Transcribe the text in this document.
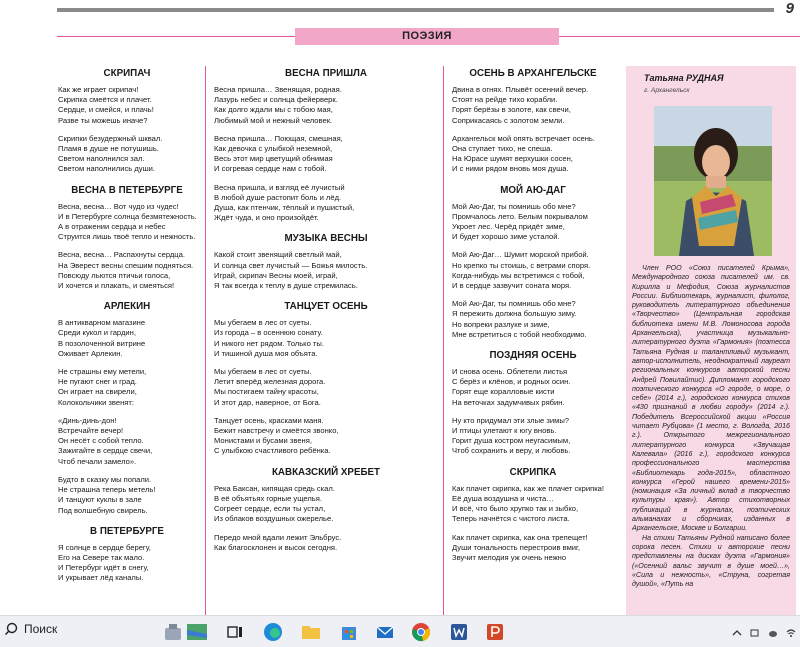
9
ПОЭЗИЯ
СКРИПАЧ
Как же играет скрипач!
Скрипка смеётся и плачет.
Сердце, и смейся, и плачь!
Разве ты можешь иначе?
Скрипки безудержный шквал.
Пламя в душе не потушишь.
Светом наполнился зал.
Светом наполнились души.
ВЕСНА В ПЕТЕРБУРГЕ
Весна, весна… Вот чудо из чудес!
И в Петербурге солнца безмятежность.
А в отражении сердца и небес
Струится лишь твоё тепло и нежность.
Весна, весна… Распахнуты сердца.
На Эверест весны спешим подняться.
Повсюду льются птичьи голоса,
И хочется и плакать, и смеяться!
АРЛЕКИН
В антикварном магазине
Среди кукол и гардин,
В позолоченной витрине
Оживает Арлекин.
Не страшны ему метели,
Не пугают снег и град.
Он играет на свирели,
Колокольчики звенят:
«Динь-динь-дон!
Встречайте вечер!
Он несёт с собой тепло.
Зажигайте в сердце свечи,
Чтоб печали замело».
Будто в сказку мы попали.
Не страшна теперь метель!
И танцуют куклы в зале
Под волшебную свирель.
В ПЕТЕРБУРГЕ
Я солнце в сердце берегу,
Его на Севере так мало.
И Петербург идёт в снегу,
И укрывает лёд каналы.
ВЕСНА ПРИШЛА
Весна пришла… Звенящая, родная.
Лазурь небес и солнца фейерверк.
Как долго ждали мы с тобою мая,
Любимый мой и нежный человек.
Весна пришла… Поющая, смешная,
Как девочка с улыбкой неземной,
Весь этот мир цветущий обнимая
И согревая сердце нам с тобой.
Весна пришла, и взгляд её лучистый
В любой душе растопит боль и лёд.
Душа, как птенчик, тёплый и пушистый,
Ждёт чуда, и оно произойдёт.
МУЗЫКА ВЕСНЫ
Какой стоит звенящий светлый май,
И солнца свет лучистый — Божья милость.
Играй, скрипач Весны моей, играй,
Я так всегда к теплу в душе стремилась.
ТАНЦУЕТ ОСЕНЬ
Мы убегаем в лес от суеты.
Из города – в осеннюю сонату.
И никого нет рядом. Только ты.
И тишиной душа моя объята.
Мы убегаем в лес от суеты.
Летит вперёд железная дорога.
Мы постигаем тайну красоты,
И этот дар, наверное, от Бога.
Танцует осень, красками маня.
Бежит навстречу и смеётся звонко,
Монистами и бусами звеня,
С улыбкою счастливого ребёнка.
КАВКАЗСКИЙ ХРЕБЕТ
Река Баксан, кипящая средь скал.
В её объятьях горные ущелья.
Согреет сердце, если ты устал,
Из облаков воздушных ожерелье.
Передо мной вдали лежит Эльбрус.
Как благосклонен и высок сегодня.
ОСЕНЬ В АРХАНГЕЛЬСКЕ
Двина в огнях. Плывёт осенний вечер.
Стоят на рейде тихо корабли.
Горят берёзы в золоте, как свечи,
Соприкасаясь с золотом земли.
Архангельск мой опять встречает осень.
Она ступает тихо, не спеша.
На Юрасе шумят верхушки сосен,
И с ними рядом вновь моя душа.
МОЙ АЮ-ДАГ
Мой Аю-Даг, ты помнишь обо мне?
Промчалось лето. Белым покрывалом
Укроет лес. Черёд придёт зиме,
И будет хорошо зиме усталой.
Мой Аю-Даг… Шумит морской прибой.
Но крепко ты стоишь, с ветрами споря.
Когда-нибудь мы встретимся с тобой,
И в сердце зазвучит соната моря.
Мой Аю-Даг, ты помнишь обо мне?
Я пережить должна большую зиму.
Но вопреки разлуке и зиме,
Мне встретиться с тобой необходимо.
ПОЗДНЯЯ ОСЕНЬ
И снова осень. Облетели листья
С берёз и клёнов, и родных осин.
Горят еще коралловые кисти
На веточках задумчивых рябин.
Ну кто придумал эти злые зимы?
И птицы улетают к югу вновь.
Горит душа костром неугасимым,
Чтоб сохранить и веру, и любовь.
СКРИПКА
Как плачет скрипка, как же плачет скрипка!
Её душа воздушна и чиста…
И всё, что было хрупко так и зыбко,
Теперь начнётся с чистого листа.
Как плачет скрипка, как она трепещет!
Души тональность перестроив вмиг,
Звучит мелодия уж очень нежно
Татьяна РУДНАЯ
г. Архангельск

Член РОО «Союз писателей Крыма», Международного союза писателей им. св. Кирилла и Мефодия, Союза журналистов России. Библиотекарь, журналист, филолог, руководитель литературного объединения «Творчество» (Центральная городская библиотека имени М.В. Ломоносова города Архангельска), участница музыкально-литературного дуэта «Гармония» (поэтесса Татьяна Рудная и талантливый музыкант, автор-исполнитель, неоднократный лауреат региональных конкурсов авторской песни Андрей Повилайтис). Дипломант городского поэтического конкурса «О городе, о море, о себе» (2014 г.), городского конкурса стихов «430 признаний в любви городу» (2014 г.). Победитель Всероссийской акции «Россия читает Рубцова» (1 место, г. Вологда, 2016 г.). Открытого межрегионального литературного конкурса «Звучащая Калевала» (2016 г.), городского конкурса профессионального мастерства «Библиотекарь года-2015», областного конкурса «Герой нашего времени-2015» (номинация «За личный вклад в творчество культуры края»). Автор стихотворных публикаций в журналах, поэтических альманахах и сборниках, изданных в Архангельске, Москве и Болгарии.

На стихи Татьяны Рудной написано более сорока песен. Стихи и авторские песни представлены на дисках дуэта «Гармония» («Осенний вальс звучит в душе моей…», «Сила и нежность», «Струна, согретая душой», «Путь на

Поиск
